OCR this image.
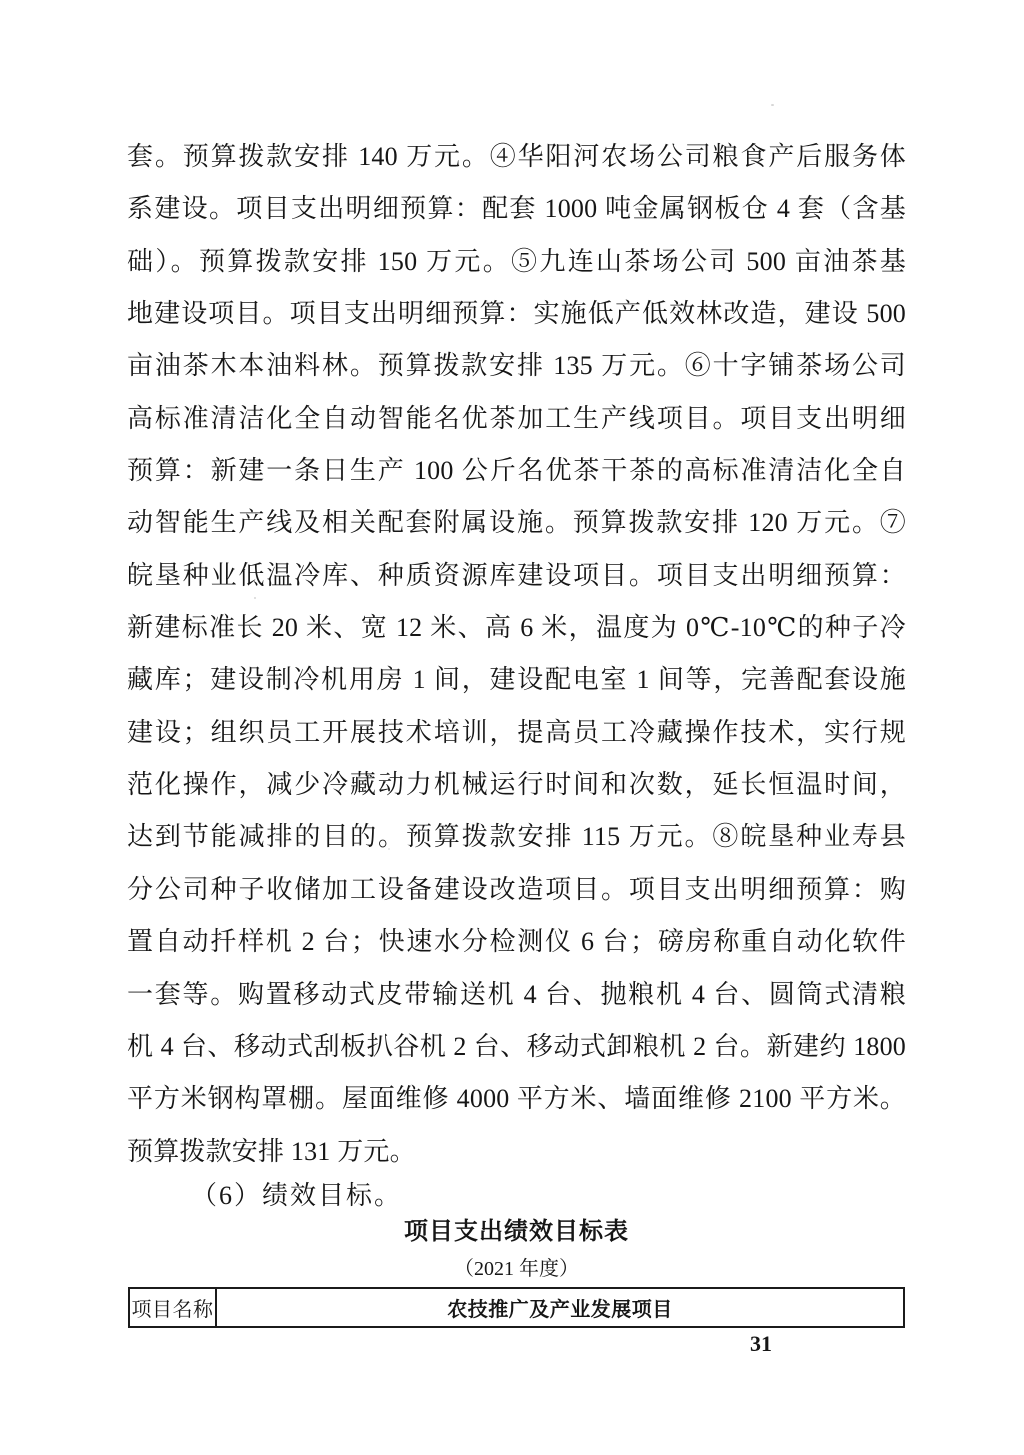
套。预算拨款安排 140 万元。④华阳河农场公司粮食产后服务体
系建设。项目支出明细预算：配套 1000 吨金属钢板仓 4 套（含基
础）。预算拨款安排 150 万元。⑤九连山茶场公司 500 亩油茶基
地建设项目。项目支出明细预算：实施低产低效林改造，建设 500
亩油茶木本油料林。预算拨款安排 135 万元。⑥十字铺茶场公司
高标准清洁化全自动智能名优茶加工生产线项目。项目支出明细
预算：新建一条日生产 100 公斤名优茶干茶的高标准清洁化全自
动智能生产线及相关配套附属设施。预算拨款安排 120 万元。⑦
皖垦种业低温冷库、种质资源库建设项目。项目支出明细预算：
新建标准长 20 米、宽 12 米、高 6 米，温度为 0℃-10℃的种子冷
藏库；建设制冷机用房 1 间，建设配电室 1 间等，完善配套设施
建设；组织员工开展技术培训，提高员工冷藏操作技术，实行规
范化操作，减少冷藏动力机械运行时间和次数，延长恒温时间，
达到节能减排的目的。预算拨款安排 115 万元。⑧皖垦种业寿县
分公司种子收储加工设备建设改造项目。项目支出明细预算：购
置自动扦样机 2 台；快速水分检测仪 6 台；磅房称重自动化软件
一套等。购置移动式皮带输送机 4 台、抛粮机 4 台、圆筒式清粮
机 4 台、移动式刮板扒谷机 2 台、移动式卸粮机 2 台。新建约 1800
平方米钢构罩棚。屋面维修 4000 平方米、墙面维修 2100 平方米。
预算拨款安排 131 万元。
（6）绩效目标。
项目支出绩效目标表
（2021 年度）
项目名称	农技推广及产业发展项目
31
